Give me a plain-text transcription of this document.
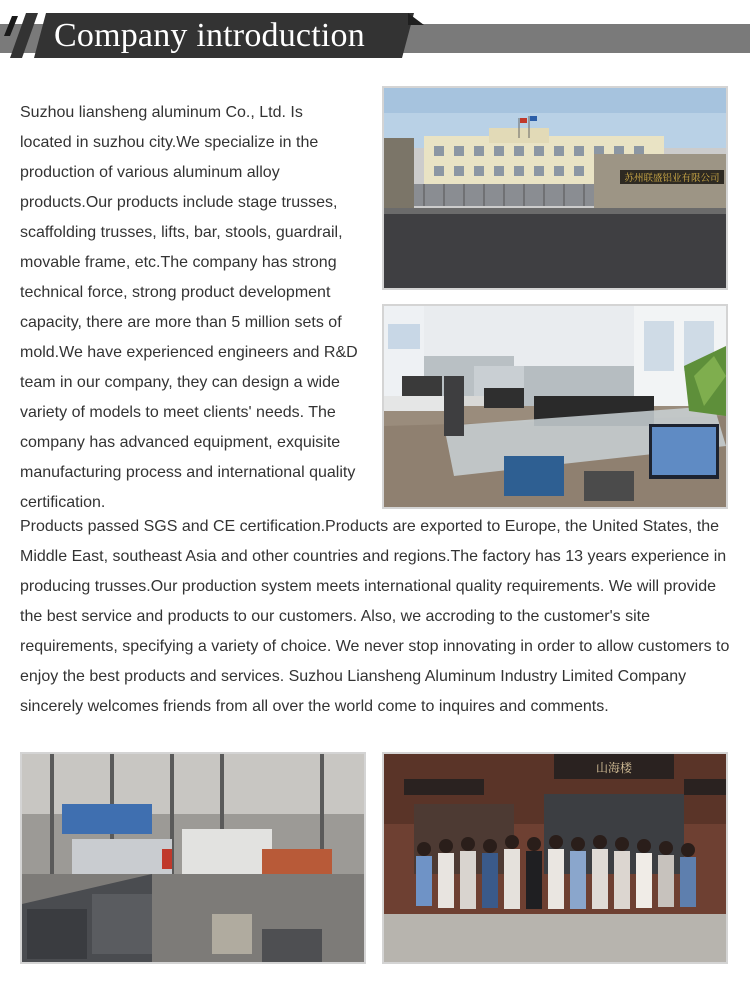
Company introduction

Suzhou liansheng aluminum Co., Ltd. Is located in suzhou city.We specialize in the production of various aluminum alloy products.Our products include stage trusses, scaffolding trusses, lifts, bar, stools, guardrail, movable frame, etc.The company has strong technical force, strong product development capacity, there are more than 5 million sets of mold.We have experienced engineers and R&D team in our company, they can design a wide variety of models to meet clients' needs. The company has advanced equipment, exquisite manufacturing process and international quality certification.

Products passed SGS and CE certification.Products are exported to Europe, the United States, the Middle East, southeast Asia and other countries and regions.The factory has 13 years experience in producing trusses.Our production system meets international quality requirements. We will provide the best service and products to our customers. Also, we accroding to the customer's site requirements, specifying a variety of choice. We never stop innovating in order to allow customers to enjoy the best products and services. Suzhou Liansheng Aluminum Industry Limited Company sincerely welcomes friends from all over the world come to inquires and comments.

苏州联盛铝业有限公司
山海楼
